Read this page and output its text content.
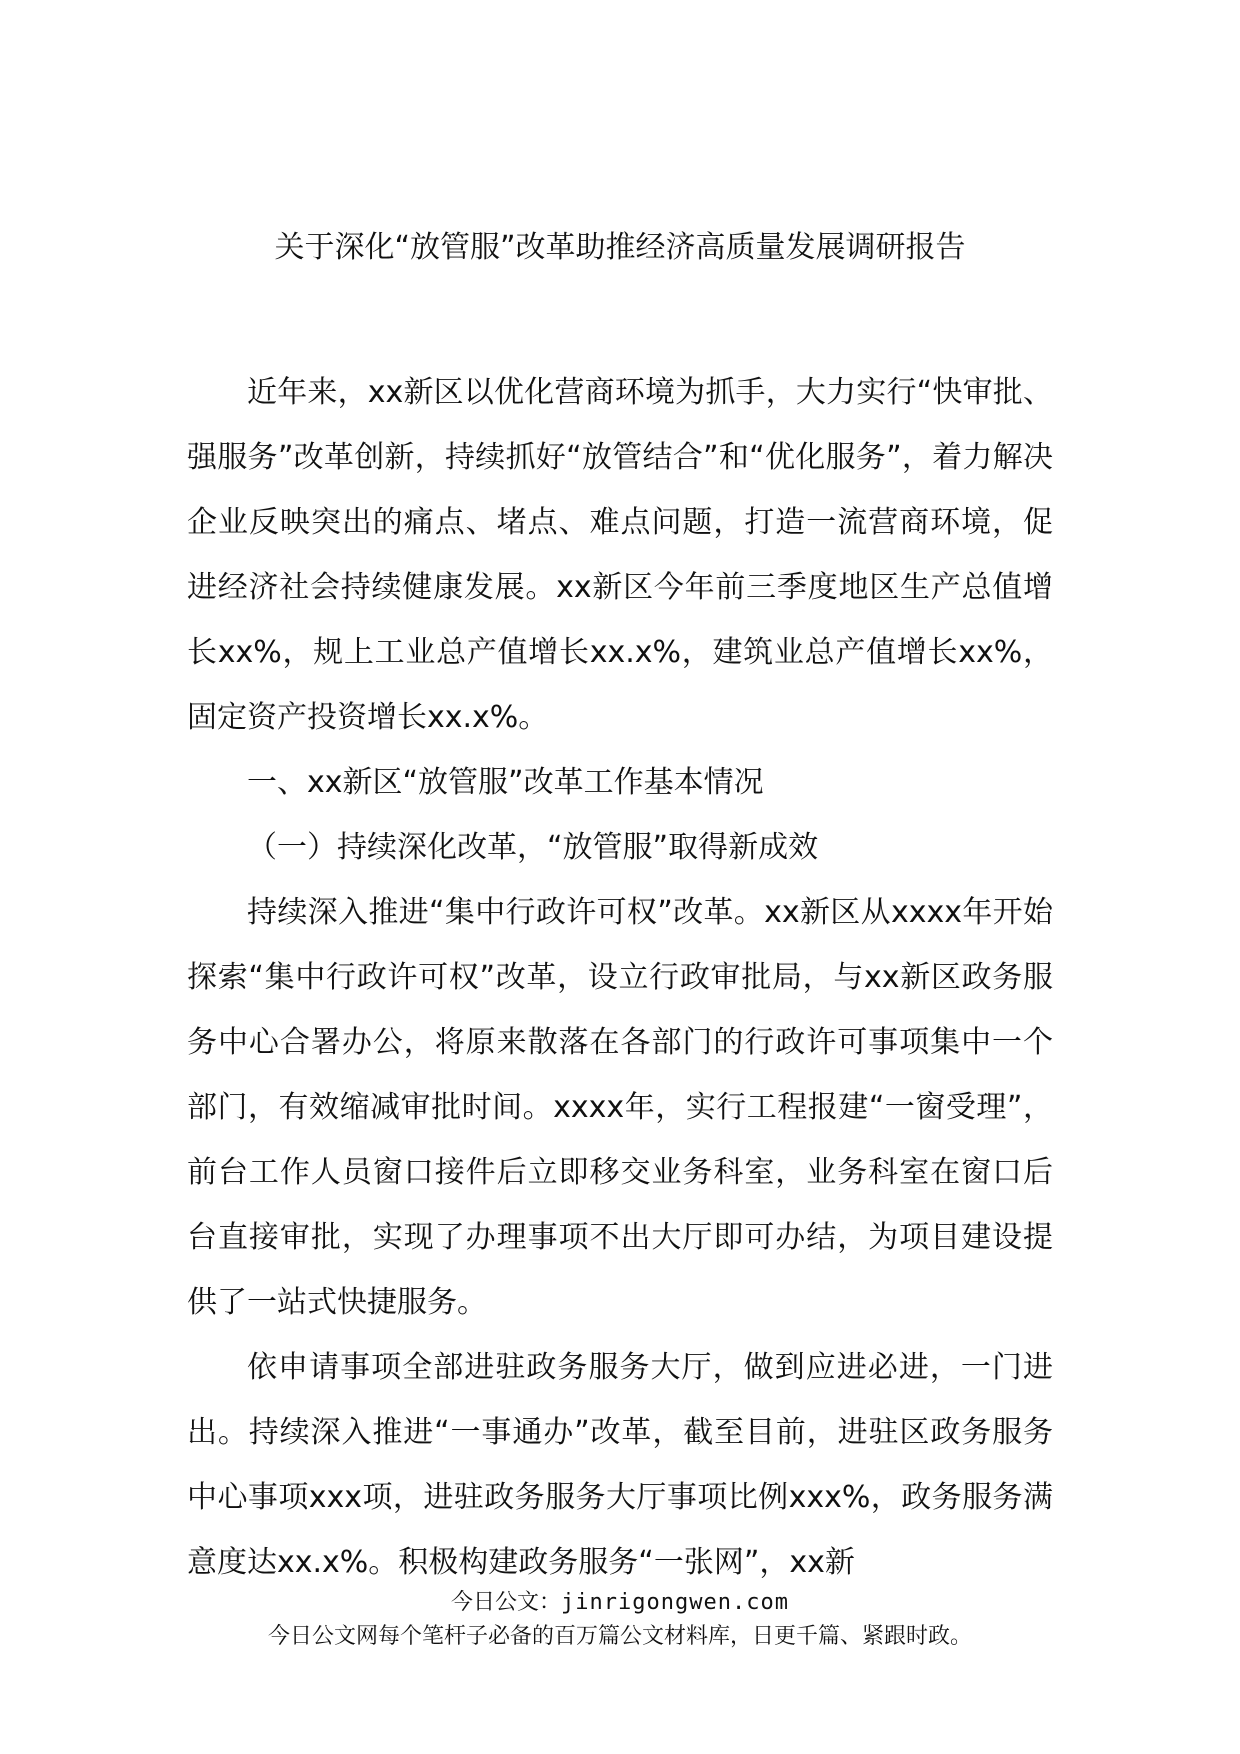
关于深化“放管服”改革助推经济高质量发展调研报告

近年来，xx新区以优化营商环境为抓手，大力实行“快审批、强服务”改革创新，持续抓好“放管结合”和“优化服务”，着力解决企业反映突出的痛点、堵点、难点问题，打造一流营商环境，促进经济社会持续健康发展。xx新区今年前三季度地区生产总值增长xx%，规上工业总产值增长xx.x%，建筑业总产值增长xx%，固定资产投资增长xx.x%。

一、xx新区“放管服”改革工作基本情况

（一）持续深化改革，“放管服”取得新成效

持续深入推进“集中行政许可权”改革。xx新区从xxxx年开始探索“集中行政许可权”改革，设立行政审批局，与xx新区政务服务中心合署办公，将原来散落在各部门的行政许可事项集中一个部门，有效缩减审批时间。xxxx年，实行工程报建“一窗受理”，前台工作人员窗口接件后立即移交业务科室，业务科室在窗口后台直接审批，实现了办理事项不出大厅即可办结，为项目建设提供了一站式快捷服务。

依申请事项全部进驻政务服务大厅，做到应进必进，一门进出。持续深入推进“一事通办”改革，截至目前，进驻区政务服务中心事项xxx项，进驻政务服务大厅事项比例xxx%，政务服务满意度达xx.x%。积极构建政务服务“一张网”，xx新

今日公文：jinrigongwen.com
今日公文网每个笔杆子必备的百万篇公文材料库，日更千篇、紧跟时政。
